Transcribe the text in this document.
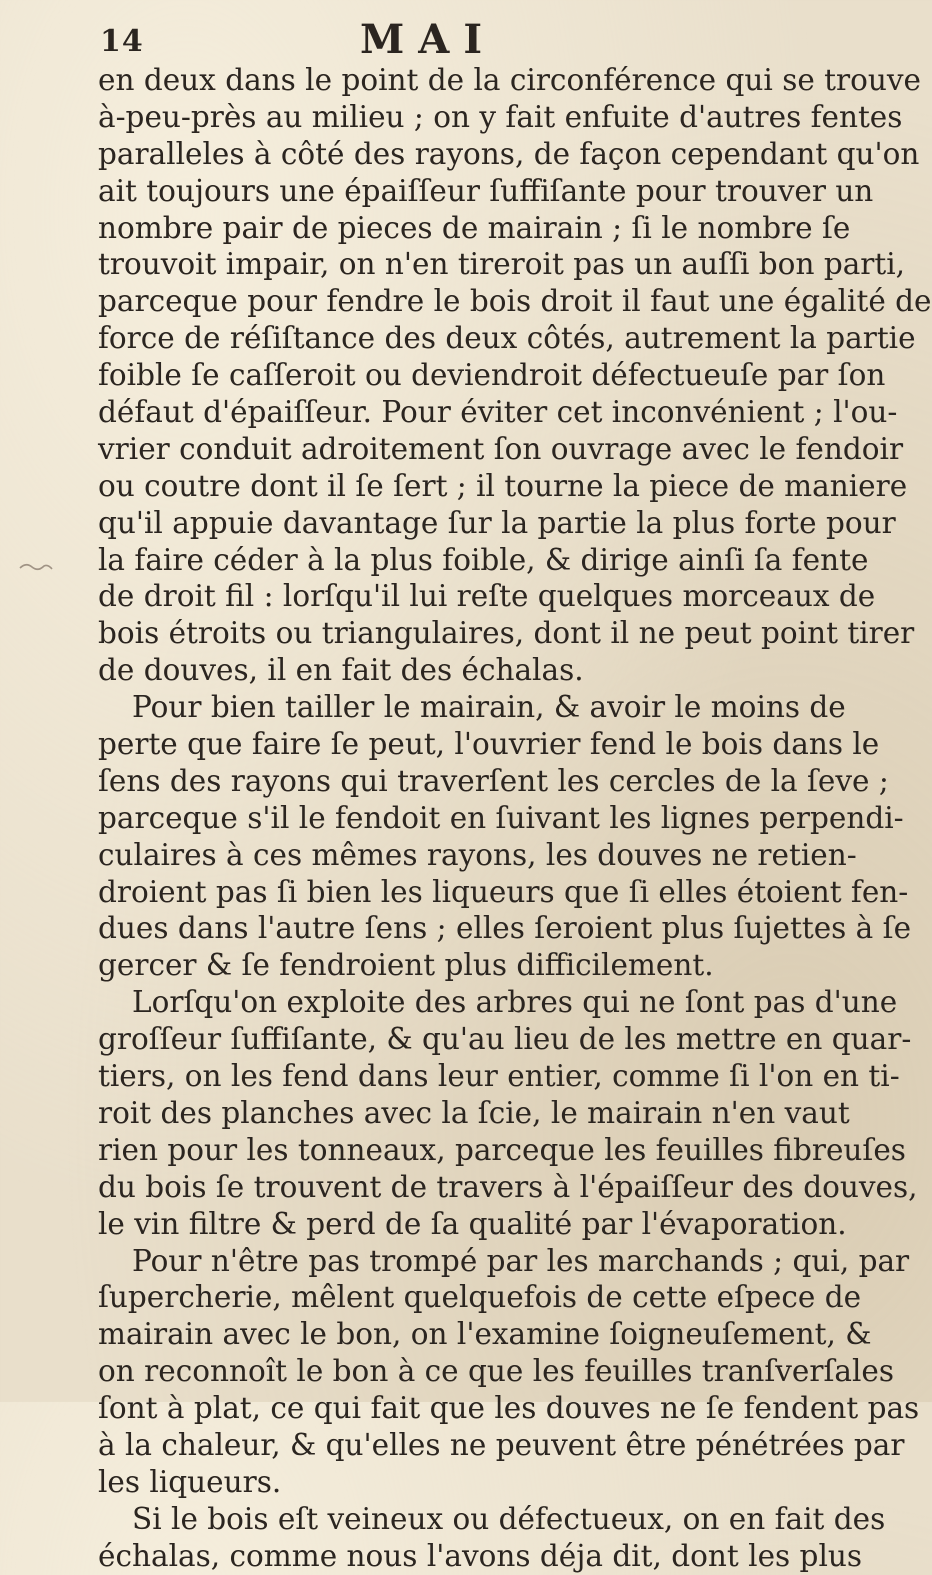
14	MAI
en deux dans le point de la circonférence qui se trouve
à-peu-près au milieu ; on y fait enfuite d'autres fentes
paralleles à côté des rayons, de façon cependant qu'on
ait toujours une épaiſſeur ſuffiſante pour trouver un
nombre pair de pieces de mairain ; ſi le nombre ſe
trouvoit impair, on n'en tireroit pas un auſſi bon parti,
parceque pour fendre le bois droit il faut une égalité de
force de réſiſtance des deux côtés, autrement la partie
foible ſe caſſeroit ou deviendroit défectueuſe par ſon
défaut d'épaiſſeur. Pour éviter cet inconvénient ; l'ou-
vrier conduit adroitement ſon ouvrage avec le fendoir
ou coutre dont il ſe ſert ; il tourne la piece de maniere
qu'il appuie davantage ſur la partie la plus forte pour
la faire céder à la plus foible, & dirige ainſi ſa fente
de droit fil : lorſqu'il lui reſte quelques morceaux de
bois étroits ou triangulaires, dont il ne peut point tirer
de douves, il en fait des échalas.
Pour bien tailler le mairain, & avoir le moins de
perte que faire ſe peut, l'ouvrier fend le bois dans le
ſens des rayons qui traverſent les cercles de la ſeve ;
parceque s'il le fendoit en ſuivant les lignes perpendi-
culaires à ces mêmes rayons, les douves ne retien-
droient pas ſi bien les liqueurs que ſi elles étoient fen-
dues dans l'autre ſens ; elles ſeroient plus ſujettes à ſe
gercer & ſe fendroient plus difficilement.
Lorſqu'on exploite des arbres qui ne ſont pas d'une
groſſeur ſuffiſante, & qu'au lieu de les mettre en quar-
tiers, on les fend dans leur entier, comme ſi l'on en ti-
roit des planches avec la ſcie, le mairain n'en vaut
rien pour les tonneaux, parceque les feuilles fibreuſes
du bois ſe trouvent de travers à l'épaiſſeur des douves,
le vin filtre & perd de ſa qualité par l'évaporation.
Pour n'être pas trompé par les marchands ; qui, par
ſupercherie, mêlent quelquefois de cette eſpece de
mairain avec le bon, on l'examine ſoigneuſement, &
on reconnoît le bon à ce que les feuilles tranſverſales
ſont à plat, ce qui fait que les douves ne ſe fendent pas
à la chaleur, & qu'elles ne peuvent être pénétrées par
les liqueurs.
Si le bois eſt veineux ou défectueux, on en fait des
échalas, comme nous l'avons déja dit, dont les plus
